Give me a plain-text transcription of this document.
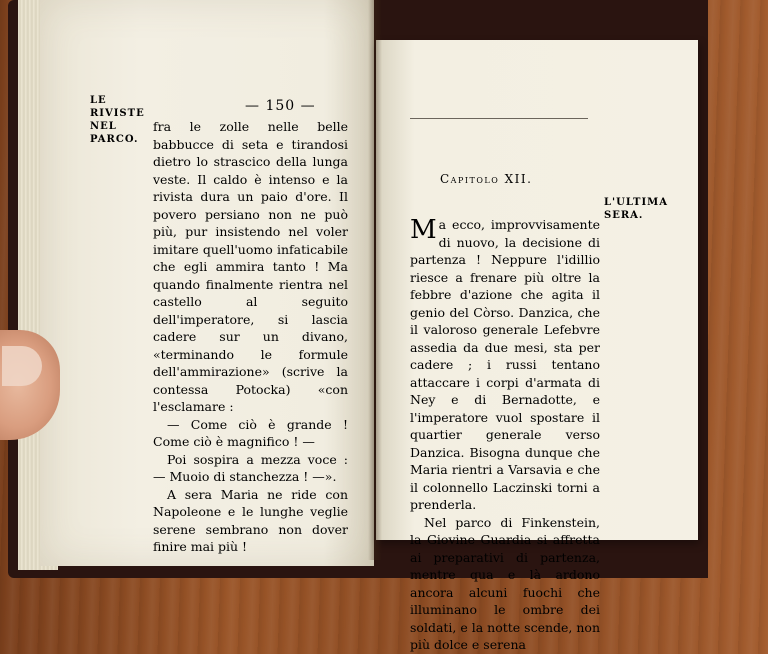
— 150 —
LE RIVISTE NEL PARCO.

fra le zolle nelle belle babbucce di seta e tirandosi dietro lo strascico della lunga veste. Il caldo è intenso e la rivista dura un paio d'ore. Il povero persiano non ne può più, pur insistendo nel voler imitare quell'uomo infaticabile che egli ammira tanto ! Ma quando finalmente rientra nel castello al seguito dell'imperatore, si lascia cadere sur un divano, «terminando le formule dell'ammirazione» (scrive la contessa Potocka) «con l'esclamare :

— Come ciò è grande ! Come ciò è magnifico ! —

Poi sospira a mezza voce : — Muoio di stanchezza ! —».

A sera Maria ne ride con Napoleone e le lunghe veglie serene sembrano non dover finire mai più !

Capitolo XII.
L'ULTIMA SERA.

Ma ecco, improvvisamente di nuovo, la decisione di partenza ! Neppure l'idillio riesce a frenare più oltre la febbre d'azione che agita il genio del Còrso. Danzica, che il valoroso generale Lefebvre assedia da due mesi, sta per cadere ; i russi tentano attaccare i corpi d'armata di Ney e di Bernadotte, e l'imperatore vuol spostare il quartier generale verso Danzica. Bisogna dunque che Maria rientri a Varsavia e che il colonnello Laczinski torni a prenderla.

Nel parco di Finkenstein, la Giovine Guardia si affretta ai preparativi di partenza, mentre qua e là ardono ancora alcuni fuochi che illuminano le ombre dei soldati, e la notte scende, non più dolce e serena
